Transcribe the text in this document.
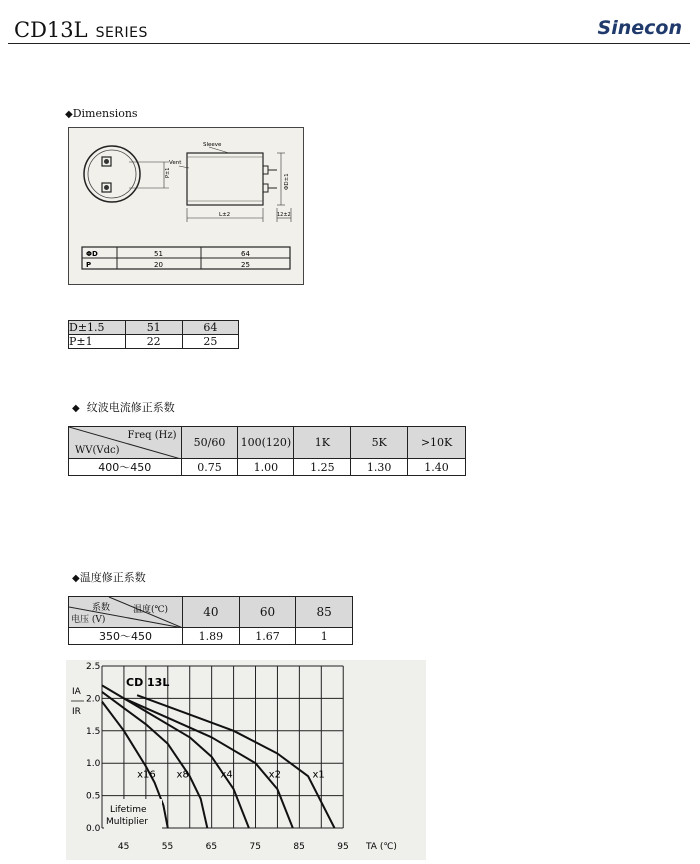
CD13L SERIES	Sinecon
◆Dimensions
P±1
Sleeve
Vent
L±2
ΦD±1
12±2
ΦD	51	64
P	20	25
D±1.5	51	64
P±1	22	25
◆ 纹波电流修正系数
Freq (Hz)
WV(Vdc)	50/60	100(120)	1K	5K	>10K
400～450	0.75	1.00	1.25	1.30	1.40
◆温度修正系数
系数 温度(℃)
电压 (V)	40	60	85
350～450	1.89	1.67	1
x16 x8	x4	x2	x1
0.0
0.5
1.0
1.5
2.0
2.5
45	55	65	75	85	95
CD 13L
IA
IR
Lifetime
Multiplier
TA (℃)
